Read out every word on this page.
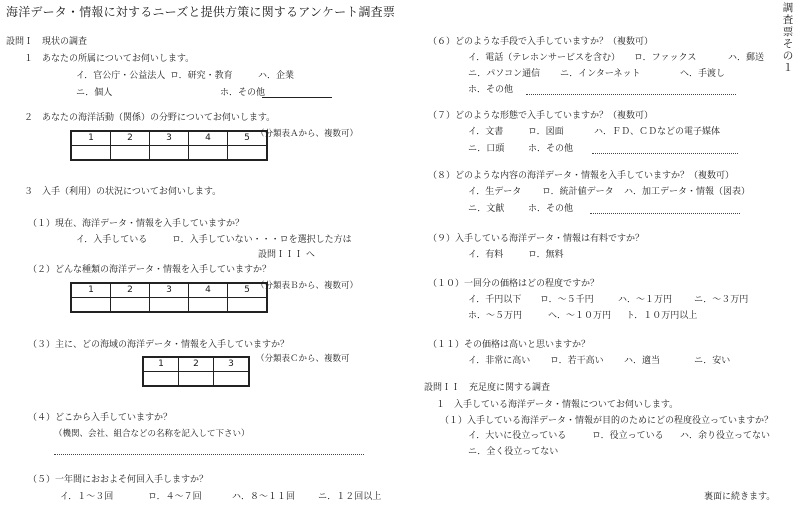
海洋データ・情報に対するニーズと提供方策に関するアンケート調査票	調査票その１
設問Ｉ　現状の調査
１　あなたの所属についてお伺いします。
イ．官公庁・公益法人 ロ．研究・教育	ハ．企業
ニ．個人	ホ．その他
２　あなたの海洋活動（関係）の分野についてお伺いします。
1	2	3	4	5
				（分類表Ａから、複数可）
３　入手（利用）の状況についてお伺いします。
（１）現在、海洋データ・情報を入手していますか？
イ．入手している	ロ．入手していない・・・ロを選択した方は
設問ＩＩＩ へ
（２）どんな種類の海洋データ・情報を入手していますか？
1	2	3	4	5
				（分類表Ｂから、複数可）
（３）主に、どの海域の海洋データ・情報を入手していますか？
1	2	3

（分類表Ｃから、複数可
（４）どこから入手していますか？
（機関、会社、組合などの名称を記入して下さい）
（５）一年間におおよそ何回入手しますか？
イ．１～３回	ロ．４～７回	ハ．８～１１回	ニ．１２回以上
（６）どのような手段で入手していますか？（複数可）
イ．電話（テレホンサービスを含む） ロ．ファックス	ハ．郵送
ニ．パソコン通信 ニ．インターネット	ヘ．手渡し
ホ．その他
（７）どのような形態で入手していますか？（複数可）
イ．文書	ロ．図面	ハ．ＦＤ、ＣＤなどの電子媒体
ニ．口頭	ホ．その他
（８）どのような内容の海洋データ・情報を入手していますか？（複数可）
イ．生データ ロ．統計値データ ハ．加工データ・情報（図表）
ニ．文献	ホ．その他
（９）入手している海洋データ・情報は有料ですか？
イ．有料	ロ．無料
（１０）一回分の価格はどの程度ですか？
イ．千円以下 ロ．～５千円	ハ．～１万円 ニ．～３万円
ホ．～５万円	ヘ．～１０万円 ト．１０万円以上
（１１）その価格は高いと思いますか？
イ．非常に高い ロ．若干高い ハ．適当	ニ．安い
設問ＩＩ　充足度に関する調査
１　入手している海洋データ・情報についてお伺いします。
（１）入手している海洋データ・情報が目的のためにどの程度役立っていますか？
イ．大いに役立っている	ロ．役立っている ハ．余り役立ってない
ニ．全く役立ってない
裏面に続きます。
